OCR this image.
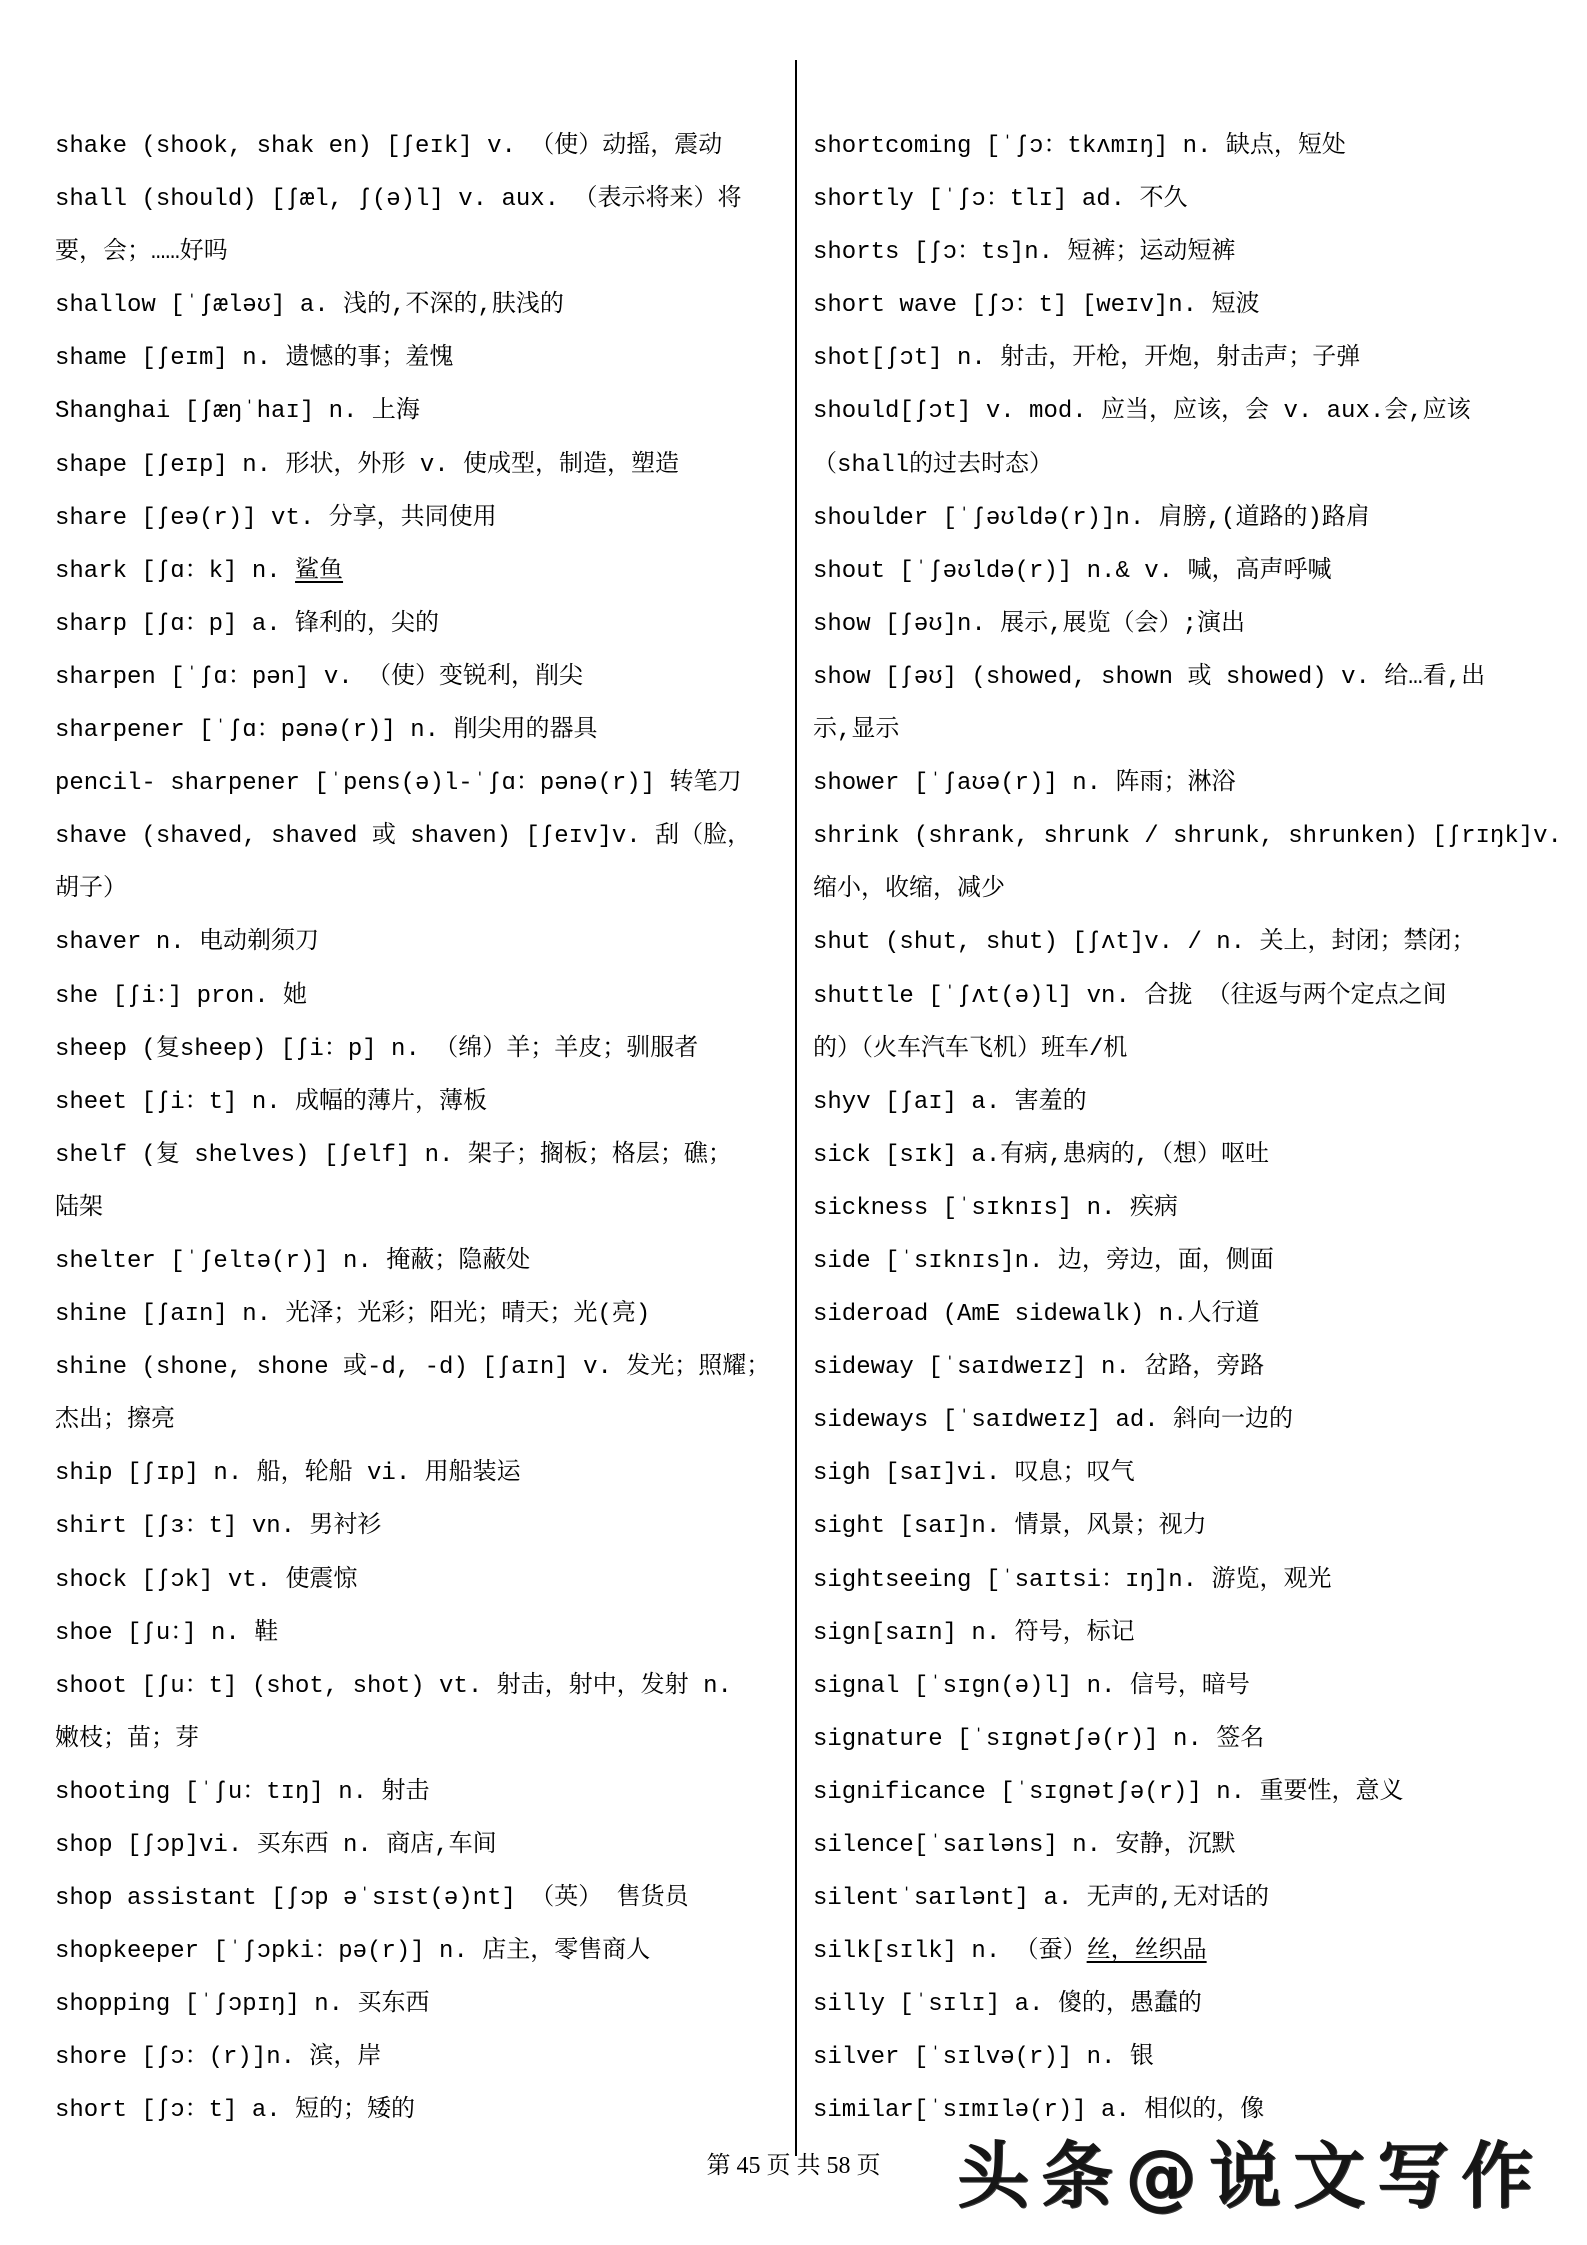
shake (shook, shak en) [ʃeɪk] v. （使）动摇，震动
shall (should) [ʃæl, ʃ(ə)l] v. aux. （表示将来）将
要，会；……好吗
shallow [ˈʃæləʊ] a. 浅的,不深的,肤浅的
shame [ʃeɪm] n. 遗憾的事；羞愧
Shanghai [ʃæŋˈhaɪ] n. 上海
shape [ʃeɪp] n. 形状，外形 v. 使成型，制造，塑造
share [ʃeə(r)] vt. 分享，共同使用
shark [ʃɑ：k] n. 鲨鱼
sharp [ʃɑ：p] a. 锋利的，尖的
sharpen [ˈʃɑ：pən] v. （使）变锐利，削尖
sharpener [ˈʃɑ：pənə(r)] n. 削尖用的器具
pencil- sharpener [ˈpens(ə)l-ˈʃɑ：pənə(r)] 转笔刀
shave (shaved, shaved 或 shaven) [ʃeɪv]v. 刮（脸，
胡子）
shaver n. 电动剃须刀
she [ʃi：] pron. 她
sheep (复sheep) [ʃi：p] n. （绵）羊；羊皮；驯服者
sheet [ʃi：t] n. 成幅的薄片，薄板
shelf (复 shelves) [ʃelf] n. 架子；搁板；格层；礁；
陆架
shelter [ˈʃeltə(r)] n. 掩蔽；隐蔽处
shine [ʃaɪn] n. 光泽；光彩；阳光；晴天；光(亮)
shine (shone, shone 或-d, -d) [ʃaɪn] v. 发光；照耀；
杰出；擦亮
ship [ʃɪp] n. 船，轮船 vi. 用船装运
shirt [ʃɜ：t] vn. 男衬衫
shock [ʃɔk] vt. 使震惊
shoe [ʃu：] n. 鞋
shoot [ʃu：t] (shot, shot) vt. 射击，射中，发射 n.
嫩枝；苗；芽
shooting [ˈʃu：tɪŋ] n. 射击
shop [ʃɔp]vi. 买东西 n. 商店,车间
shop assistant [ʃɔp əˈsɪst(ə)nt] （英） 售货员
shopkeeper [ˈʃɔpki：pə(r)] n. 店主，零售商人
shopping [ˈʃɔpɪŋ] n. 买东西
shore [ʃɔ：(r)]n. 滨，岸
short [ʃɔ：t] a. 短的；矮的
shortcoming [ˈʃɔ：tkʌmɪŋ] n. 缺点，短处
shortly [ˈʃɔ：tlɪ] ad. 不久
shorts [ʃɔ：ts]n. 短裤；运动短裤
short wave [ʃɔ：t] [weɪv]n. 短波
shot[ʃɔt] n. 射击，开枪，开炮，射击声；子弹
should[ʃɔt] v. mod. 应当，应该，会 v. aux.会,应该
（shall的过去时态）
shoulder [ˈʃəʊldə(r)]n. 肩膀,(道路的)路肩
shout [ˈʃəʊldə(r)] n.& v. 喊，高声呼喊
show [ʃəʊ]n. 展示,展览（会）;演出
show [ʃəʊ] (showed, shown 或 showed) v. 给…看,出
示,显示
shower [ˈʃaʊə(r)] n. 阵雨；淋浴
shrink (shrank, shrunk / shrunk, shrunken) [ʃrɪŋk]v.
缩小，收缩，减少
shut (shut, shut) [ʃʌt]v. / n. 关上，封闭；禁闭；
shuttle [ˈʃʌt(ə)l] vn. 合拢 （往返与两个定点之间
的）（火车汽车飞机）班车/机
shyv [ʃaɪ] a. 害羞的
sick [sɪk] a.有病,患病的,（想）呕吐
sickness [ˈsɪknɪs] n. 疾病
side [ˈsɪknɪs]n. 边，旁边，面，侧面
sideroad (AmE sidewalk) n.人行道
sideway [ˈsaɪdweɪz] n. 岔路，旁路
sideways [ˈsaɪdweɪz] ad. 斜向一边的
sigh [saɪ]vi. 叹息；叹气
sight [saɪ]n. 情景，风景；视力
sightseeing [ˈsaɪtsi：ɪŋ]n. 游览，观光
sign[saɪn] n. 符号，标记
signal [ˈsɪgn(ə)l] n. 信号，暗号
signature [ˈsɪgnətʃə(r)] n. 签名
significance [ˈsɪgnətʃə(r)] n. 重要性，意义
silence[ˈsaɪləns] n. 安静，沉默
silentˈsaɪlənt] a. 无声的,无对话的
silk[sɪlk] n. （蚕）丝，丝织品
silly [ˈsɪlɪ] a. 傻的，愚蠢的
silver [ˈsɪlvə(r)] n. 银
similar[ˈsɪmɪlə(r)] a. 相似的，像
第 45 页 共 58 页	头条@说文写作
